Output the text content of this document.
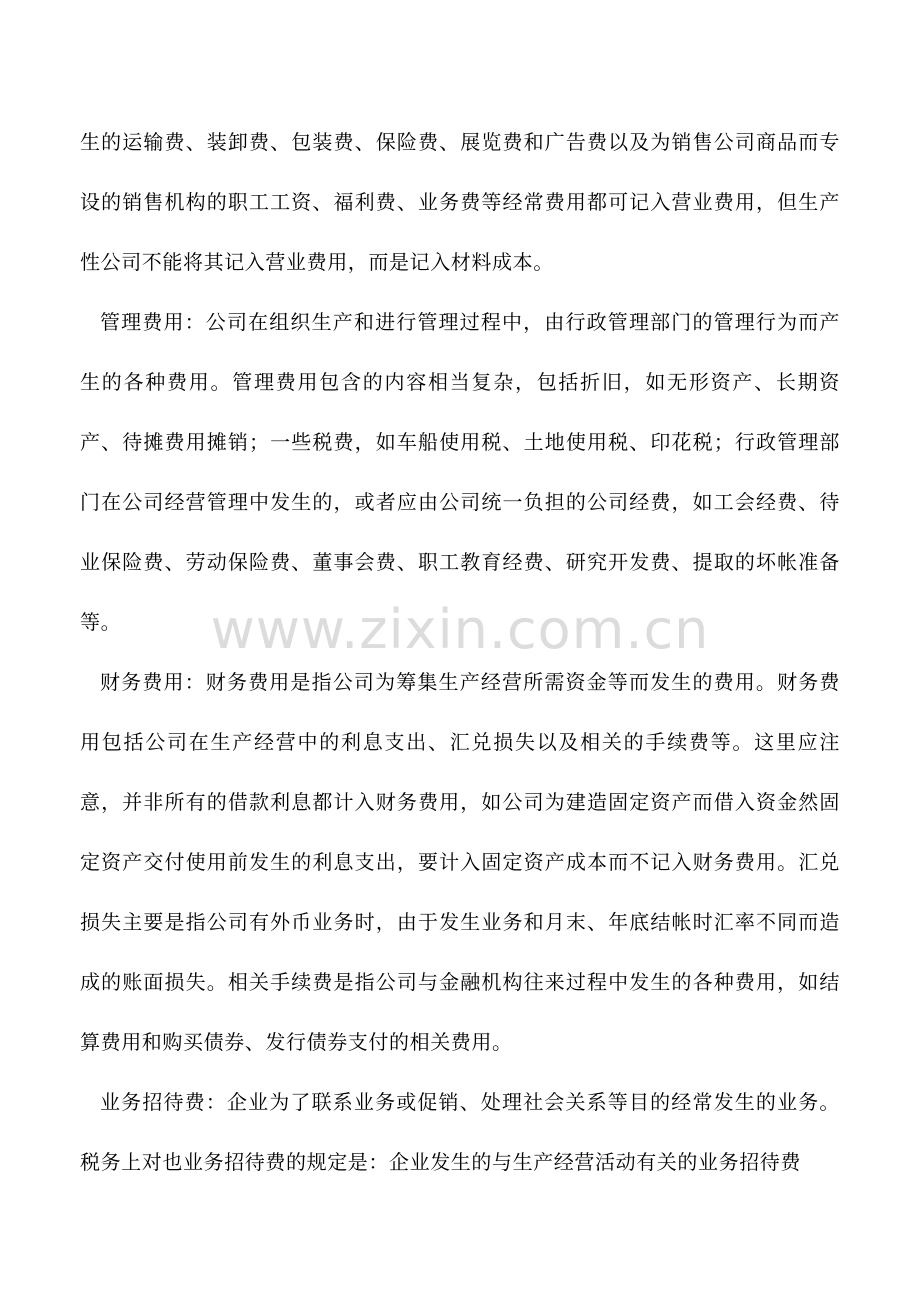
生的运输费、装卸费、包装费、保险费、展览费和广告费以及为销售公司商品而专设的销售机构的职工工资、福利费、业务费等经常费用都可记入营业费用，但生产性公司不能将其记入营业费用，而是记入材料成本。

管理费用：公司在组织生产和进行管理过程中，由行政管理部门的管理行为而产生的各种费用。管理费用包含的内容相当复杂，包括折旧，如无形资产、长期资产、待摊费用摊销；一些税费，如车船使用税、土地使用税、印花税；行政管理部门在公司经营管理中发生的，或者应由公司统一负担的公司经费，如工会经费、待业保险费、劳动保险费、董事会费、职工教育经费、研究开发费、提取的坏帐准备等。

财务费用：财务费用是指公司为筹集生产经营所需资金等而发生的费用。财务费用包括公司在生产经营中的利息支出、汇兑损失以及相关的手续费等。这里应注意，并非所有的借款利息都计入财务费用，如公司为建造固定资产而借入资金然固定资产交付使用前发生的利息支出，要计入固定资产成本而不记入财务费用。汇兑损失主要是指公司有外币业务时，由于发生业务和月末、年底结帐时汇率不同而造成的账面损失。相关手续费是指公司与金融机构往来过程中发生的各种费用，如结算费用和购买债券、发行债券支付的相关费用。

业务招待费：企业为了联系业务或促销、处理社会关系等目的经常发生的业务。税务上对也业务招待费的规定是：企业发生的与生产经营活动有关的业务招待费

www.zixin.com.cn
